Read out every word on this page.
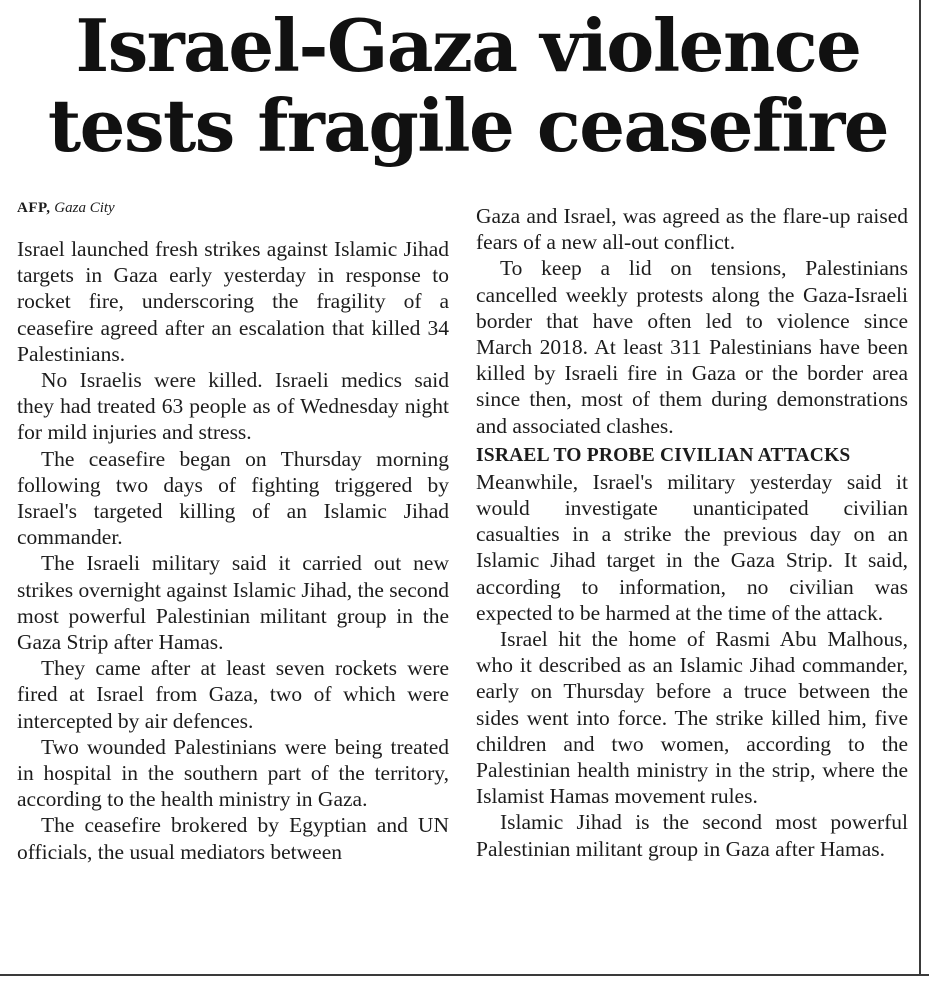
Israel-Gaza violence tests fragile ceasefire
AFP, Gaza City

Israel launched fresh strikes against Islamic Jihad targets in Gaza early yesterday in response to rocket fire, underscoring the fragility of a ceasefire agreed after an escalation that killed 34 Palestinians.

No Israelis were killed. Israeli medics said they had treated 63 people as of Wednesday night for mild injuries and stress.

The ceasefire began on Thursday morning following two days of fighting triggered by Israel's targeted killing of an Islamic Jihad commander.

The Israeli military said it carried out new strikes overnight against Islamic Jihad, the second most powerful Palestinian militant group in the Gaza Strip after Hamas.

They came after at least seven rockets were fired at Israel from Gaza, two of which were intercepted by air defences.

Two wounded Palestinians were being treated in hospital in the southern part of the territory, according to the health ministry in Gaza.

The ceasefire brokered by Egyptian and UN officials, the usual mediators between

Gaza and Israel, was agreed as the flare-up raised fears of a new all-out conflict.

To keep a lid on tensions, Palestinians cancelled weekly protests along the Gaza-Israeli border that have often led to violence since March 2018. At least 311 Palestinians have been killed by Israeli fire in Gaza or the border area since then, most of them during demonstrations and associated clashes.

ISRAEL TO PROBE CIVILIAN ATTACKS

Meanwhile, Israel's military yesterday said it would investigate unanticipated civilian casualties in a strike the previous day on an Islamic Jihad target in the Gaza Strip. It said, according to information, no civilian was expected to be harmed at the time of the attack.

Israel hit the home of Rasmi Abu Malhous, who it described as an Islamic Jihad commander, early on Thursday before a truce between the sides went into force. The strike killed him, five children and two women, according to the Palestinian health ministry in the strip, where the Islamist Hamas movement rules.

Islamic Jihad is the second most powerful Palestinian militant group in Gaza after Hamas.
